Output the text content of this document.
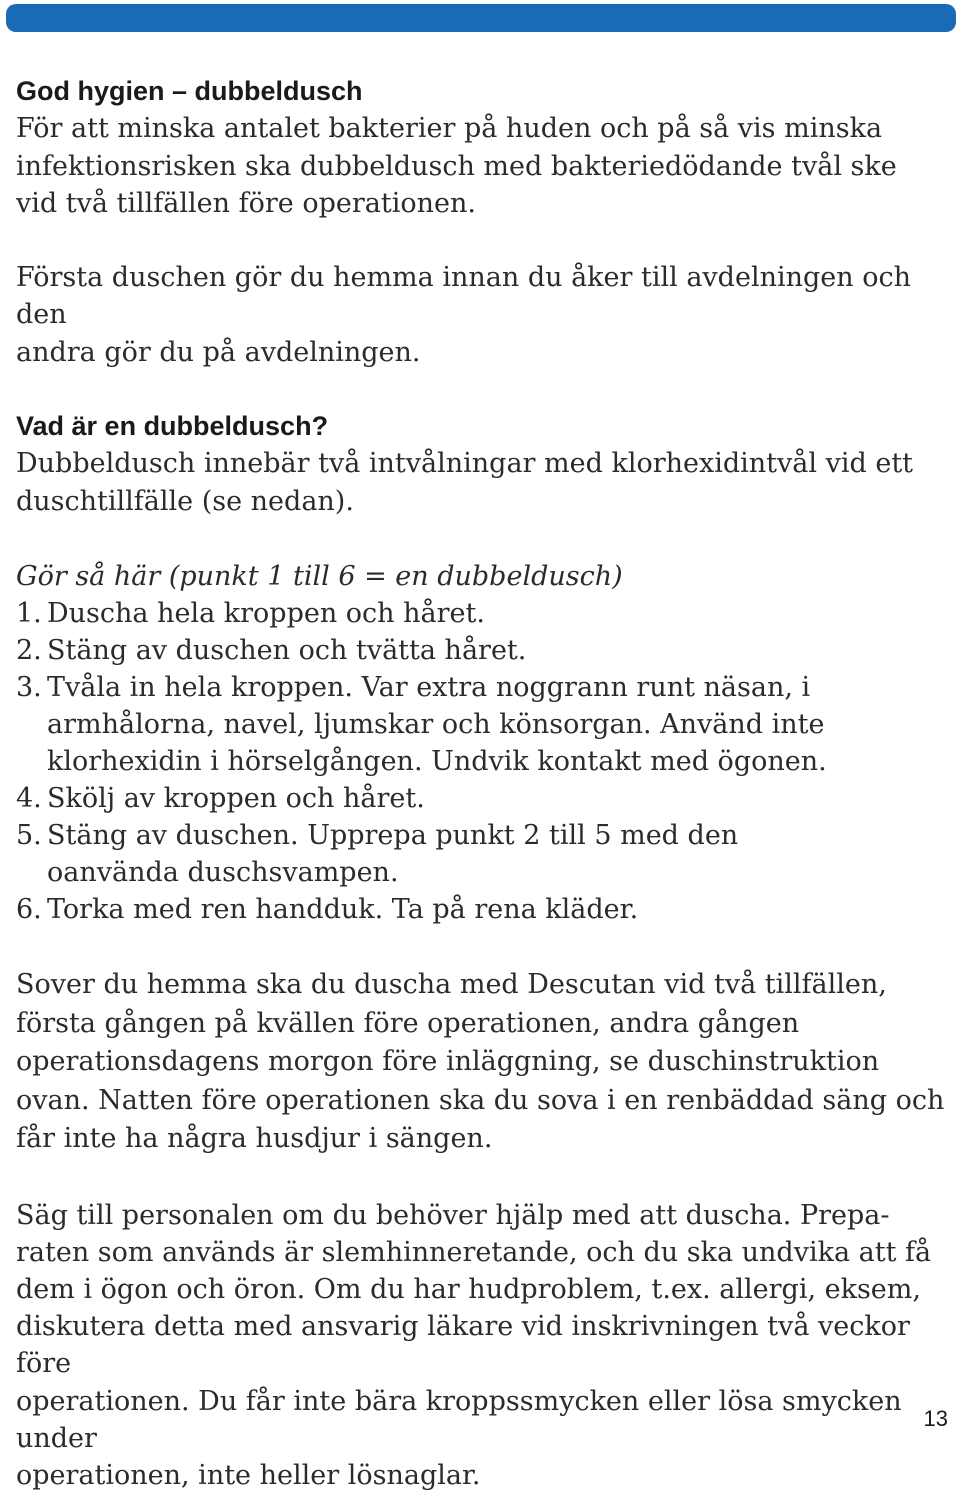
God hygien – dubbeldusch

För att minska antalet bakterier på huden och på så vis minska
infektionsrisken ska dubbeldusch med bakteriedödande tvål ske
vid två tillfällen före operationen.

Första duschen gör du hemma innan du åker till avdelningen och den
andra gör du på avdelningen.

Vad är en dubbeldusch?

Dubbeldusch innebär två intvålningar med klorhexidintvål vid ett
duschtillfälle (se nedan).

Gör så här (punkt 1 till 6 = en dubbeldusch)

1. Duscha hela kroppen och håret.
2. Stäng av duschen och tvätta håret.
3. Tvåla in hela kroppen. Var extra noggrann runt näsan, i armhålorna, navel, ljumskar och könsorgan. Använd inte klorhexidin i hörselgången. Undvik kontakt med ögonen.
4. Skölj av kroppen och håret.
5. Stäng av duschen. Upprepa punkt 2 till 5 med den oanvända duschsvampen.
6. Torka med ren handduk. Ta på rena kläder.

Sover du hemma ska du duscha med Descutan vid två tillfällen,
första gången på kvällen före operationen, andra gången
operationsdagens morgon före inläggning, se duschinstruktion
ovan. Natten före operationen ska du sova i en renbäddad säng och
får inte ha några husdjur i sängen.

Säg till personalen om du behöver hjälp med att duscha. Prepa-
raten som används är slemhinneretande, och du ska undvika att få
dem i ögon och öron. Om du har hudproblem, t.ex. allergi, eksem,
diskutera detta med ansvarig läkare vid inskrivningen två veckor före
operationen. Du får inte bära kroppssmycken eller lösa smycken under
operationen, inte heller lösnaglar.

13
